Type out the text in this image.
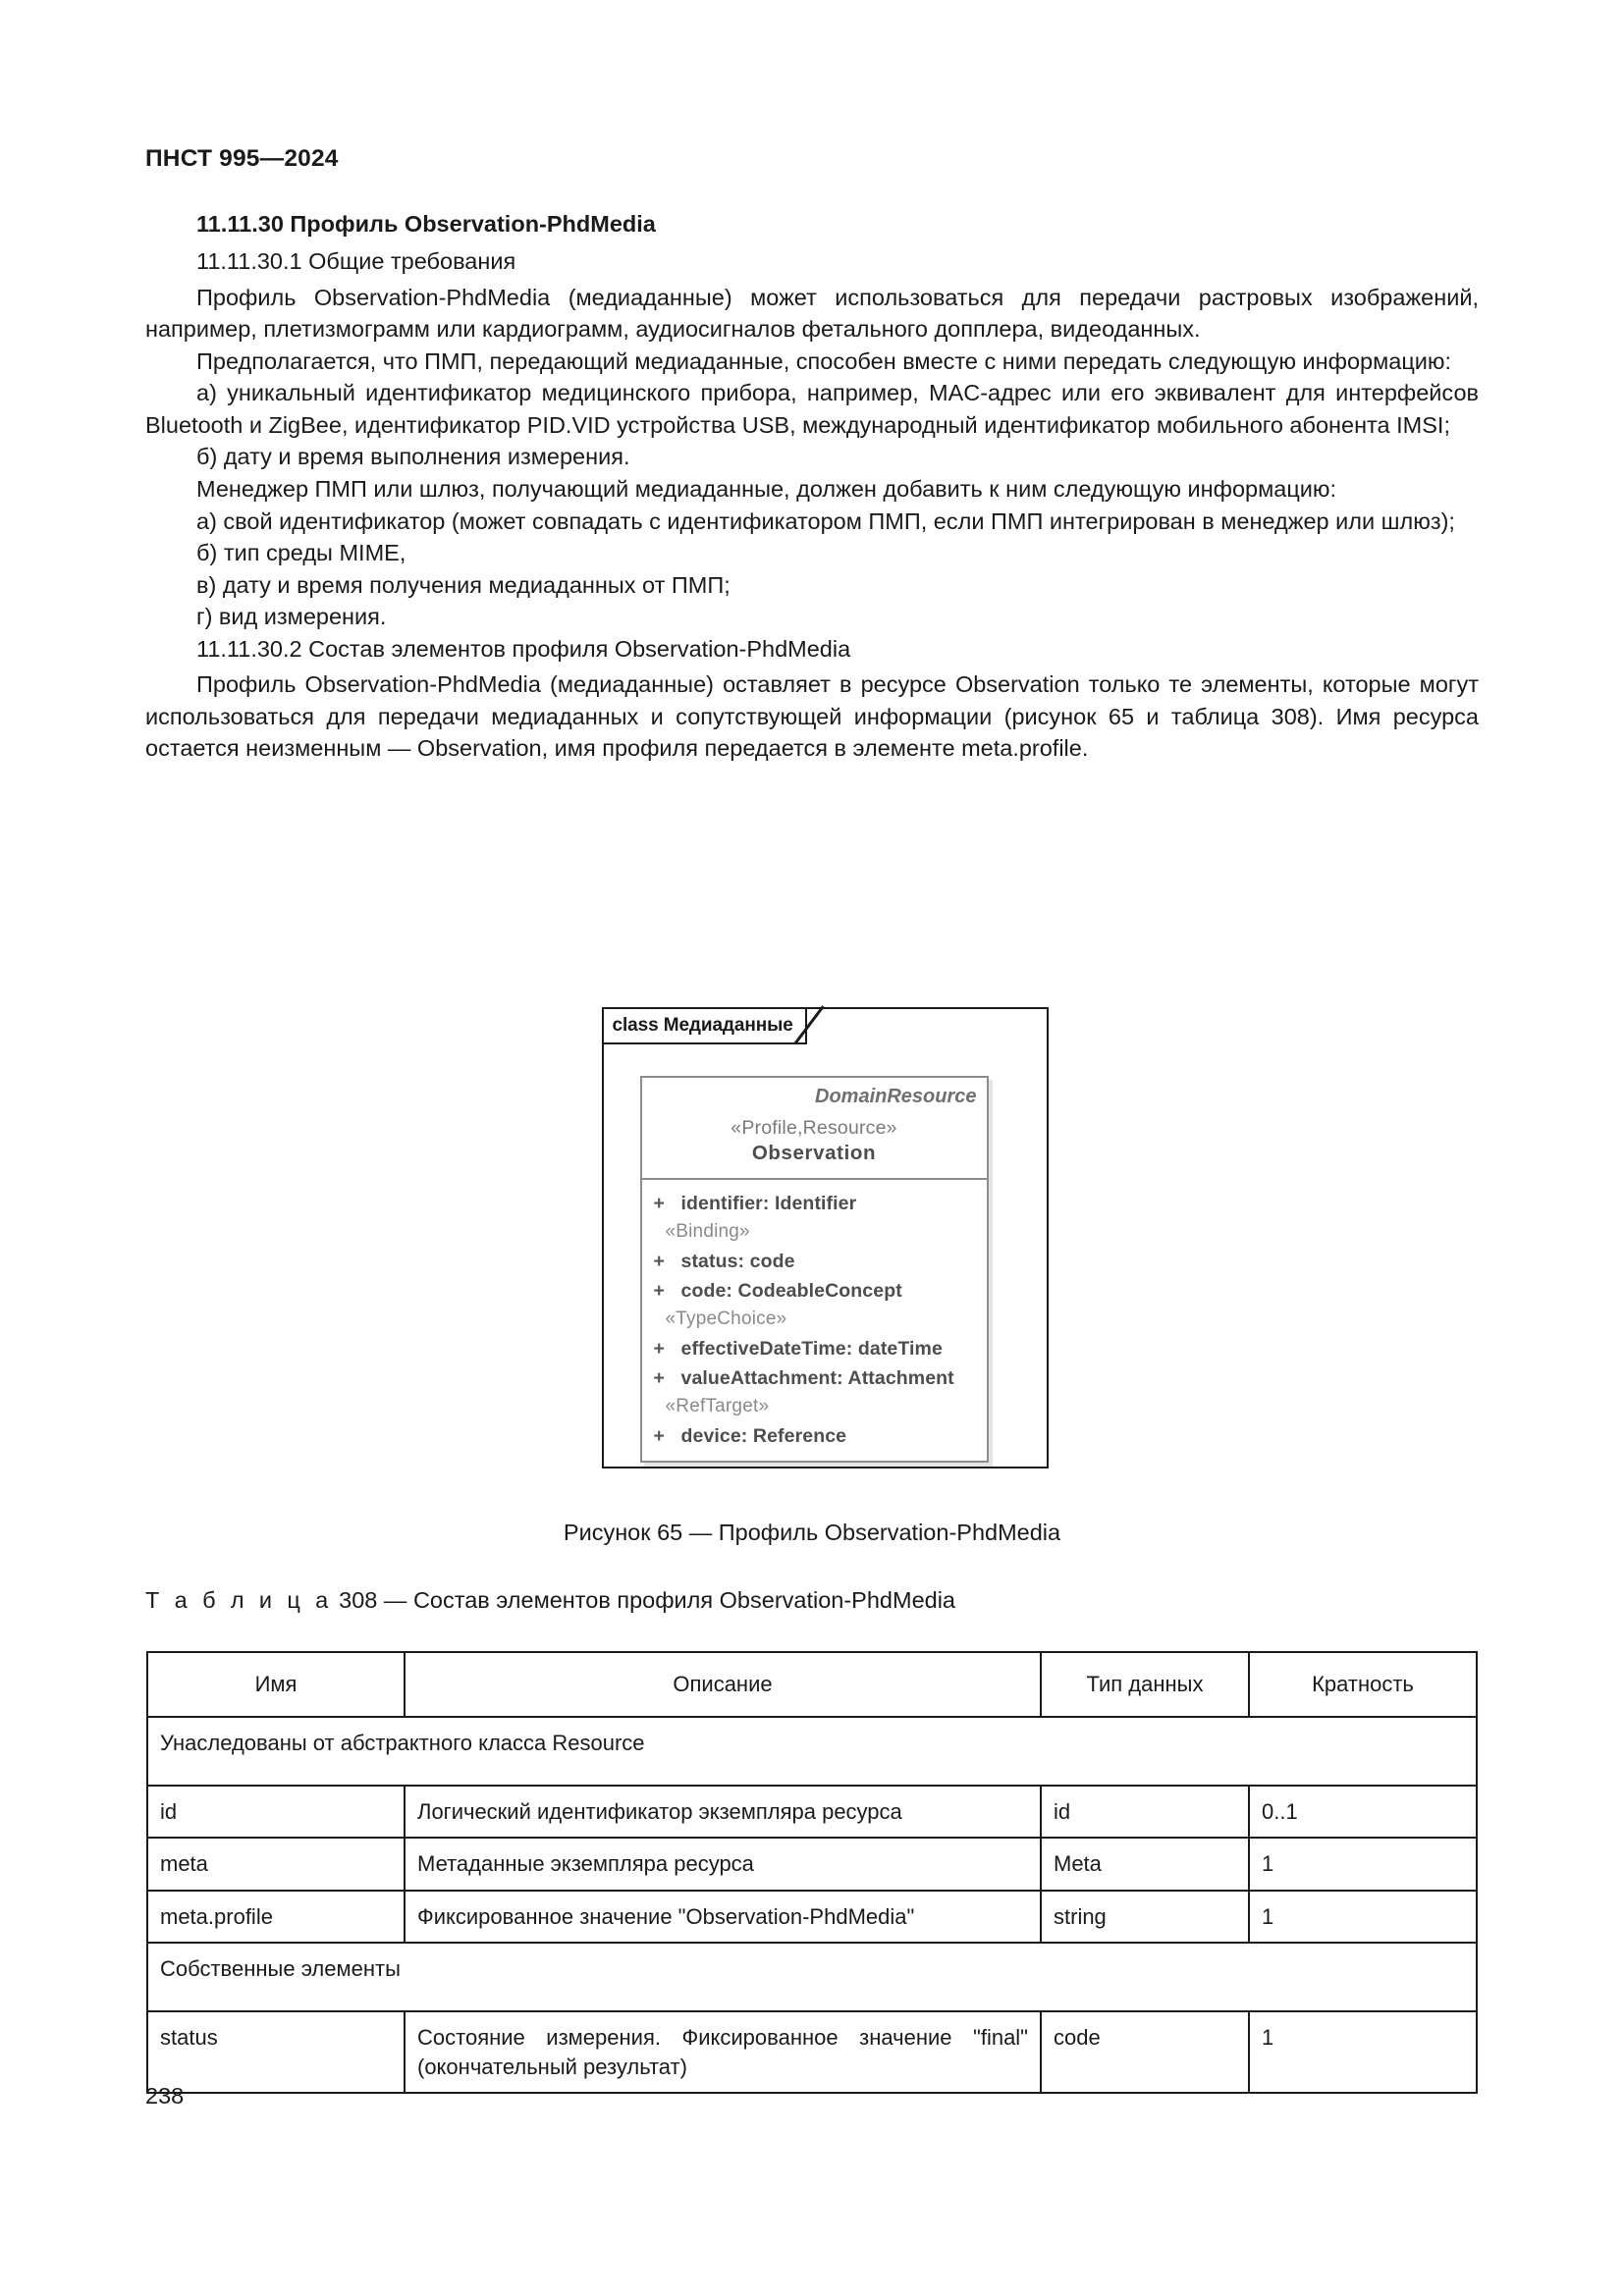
ПНСТ 995—2024
11.11.30 Профиль Observation-PhdMedia
11.11.30.1 Общие требования

Профиль Observation-PhdMedia (медиаданные) может использоваться для передачи растровых изображений, например, плетизмограмм или кардиограмм, аудиосигналов фетального допплера, видеоданных.

Предполагается, что ПМП, передающий медиаданные, способен вместе с ними передать следующую информацию:

а) уникальный идентификатор медицинского прибора, например, MAC-адрес или его эквивалент для интерфейсов Bluetooth и ZigBee, идентификатор PID.VID устройства USB, международный идентификатор мобильного абонента IMSI;

б) дату и время выполнения измерения.

Менеджер ПМП или шлюз, получающий медиаданные, должен добавить к ним следующую информацию:

а) свой идентификатор (может совпадать с идентификатором ПМП, если ПМП интегрирован в менеджер или шлюз);

б) тип среды MIME,

в) дату и время получения медиаданных от ПМП;

г) вид измерения.

11.11.30.2 Состав элементов профиля Observation-PhdMedia

Профиль Observation-PhdMedia (медиаданные) оставляет в ресурсе Observation только те элементы, которые могут использоваться для передачи медиаданных и сопутствующей информации (рисунок 65 и таблица 308). Имя ресурса остается неизменным — Observation, имя профиля передается в элементе meta.profile.

class Медиаданные
DomainResource
«Profile,Resource»
Observation
+ identifier: Identifier
«Binding»
+ status: code
+ code: CodeableConcept
«TypeChoice»
+ effectiveDateTime: dateTime
+ valueAttachment: Attachment
«RefTarget»
+ device: Reference
Рисунок 65 — Профиль Observation-PhdMedia
Т а б л и ц а 308 — Состав элементов профиля Observation-PhdMedia
Имя	Описание	Тип данных	Кратность
Унаследованы от абстрактного класса Resource			
id	Логический идентификатор экземпляра ресурса	id	0..1
meta	Метаданные экземпляра ресурса	Meta	1
meta.profile	Фиксированное значение "Observation-PhdMedia"	string	1
Собственные элементы			
status	Состояние измерения. Фиксированное значение "final" (окончательный результат)	code	1
238
